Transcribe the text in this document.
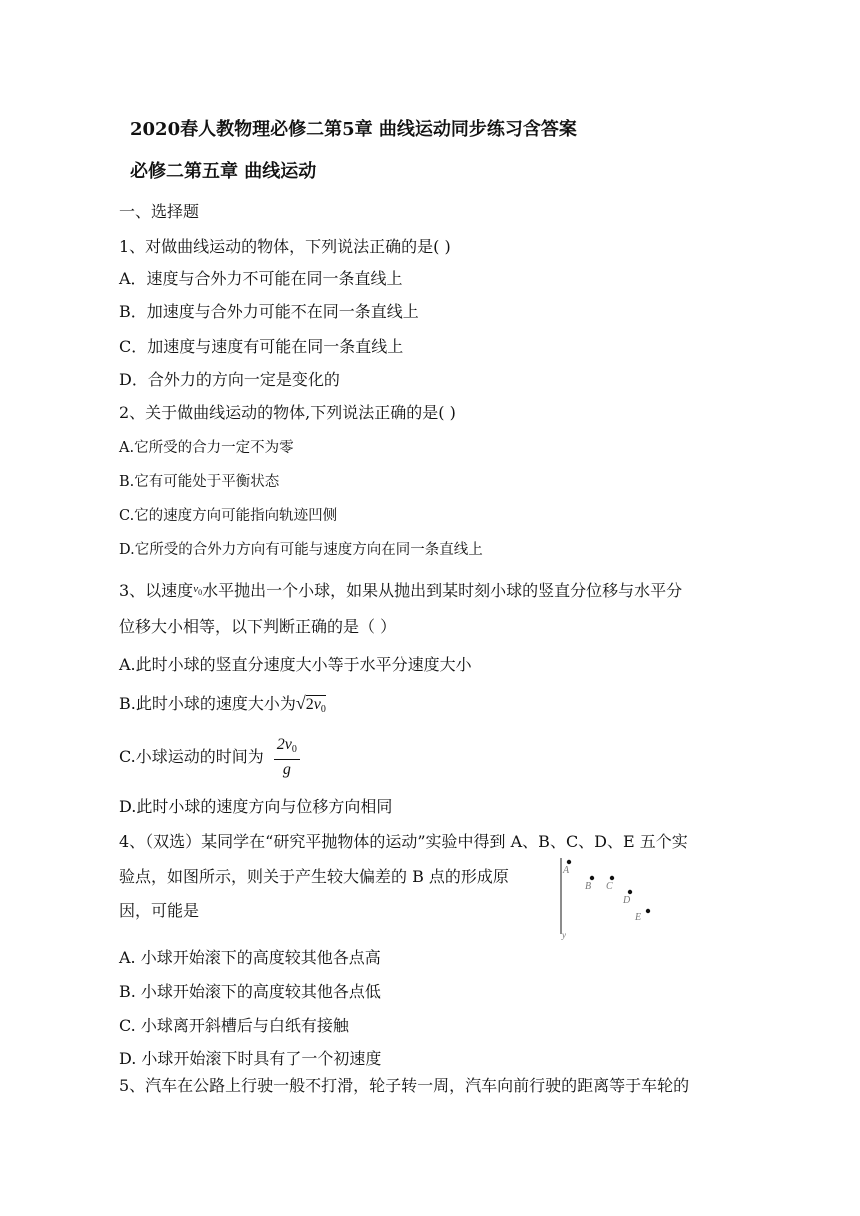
2020春人教物理必修二第5章 曲线运动同步练习含答案
必修二第五章 曲线运动
一、选择题
1、对做曲线运动的物体，下列说法正确的是( )
A．速度与合外力不可能在同一条直线上
B．加速度与合外力可能不在同一条直线上
C．加速度与速度有可能在同一条直线上
D．合外力的方向一定是变化的
2、关于做曲线运动的物体,下列说法正确的是( )
A.它所受的合力一定不为零
B.它有可能处于平衡状态
C.它的速度方向可能指向轨迹凹侧
D.它所受的合外力方向有可能与速度方向在同一条直线上
3、以速度$^{v_0}$水平抛出一个小球，如果从抛出到某时刻小球的竖直分位移与水平分
位移大小相等，以下判断正确的是（ ）
A.此时小球的竖直分速度大小等于水平分速度大小
B.此时小球的速度大小为$√2v_0$
C.小球运动的时间为 $\frac{2v_0}{g}$
D.此时小球的速度方向与位移方向相同
4、（双选）某同学在“研究平抛物体的运动”实验中得到 A、B、C、D、E 五个实
验点，如图所示，则关于产生较大偏差的 B 点的形成原
因，可能是
A
B C
D
E
y
A. 小球开始滚下的高度较其他各点高
B. 小球开始滚下的高度较其他各点低
C. 小球离开斜槽后与白纸有接触
D. 小球开始滚下时具有了一个初速度
5、汽车在公路上行驶一般不打滑，轮子转一周，汽车向前行驶的距离等于车轮的
